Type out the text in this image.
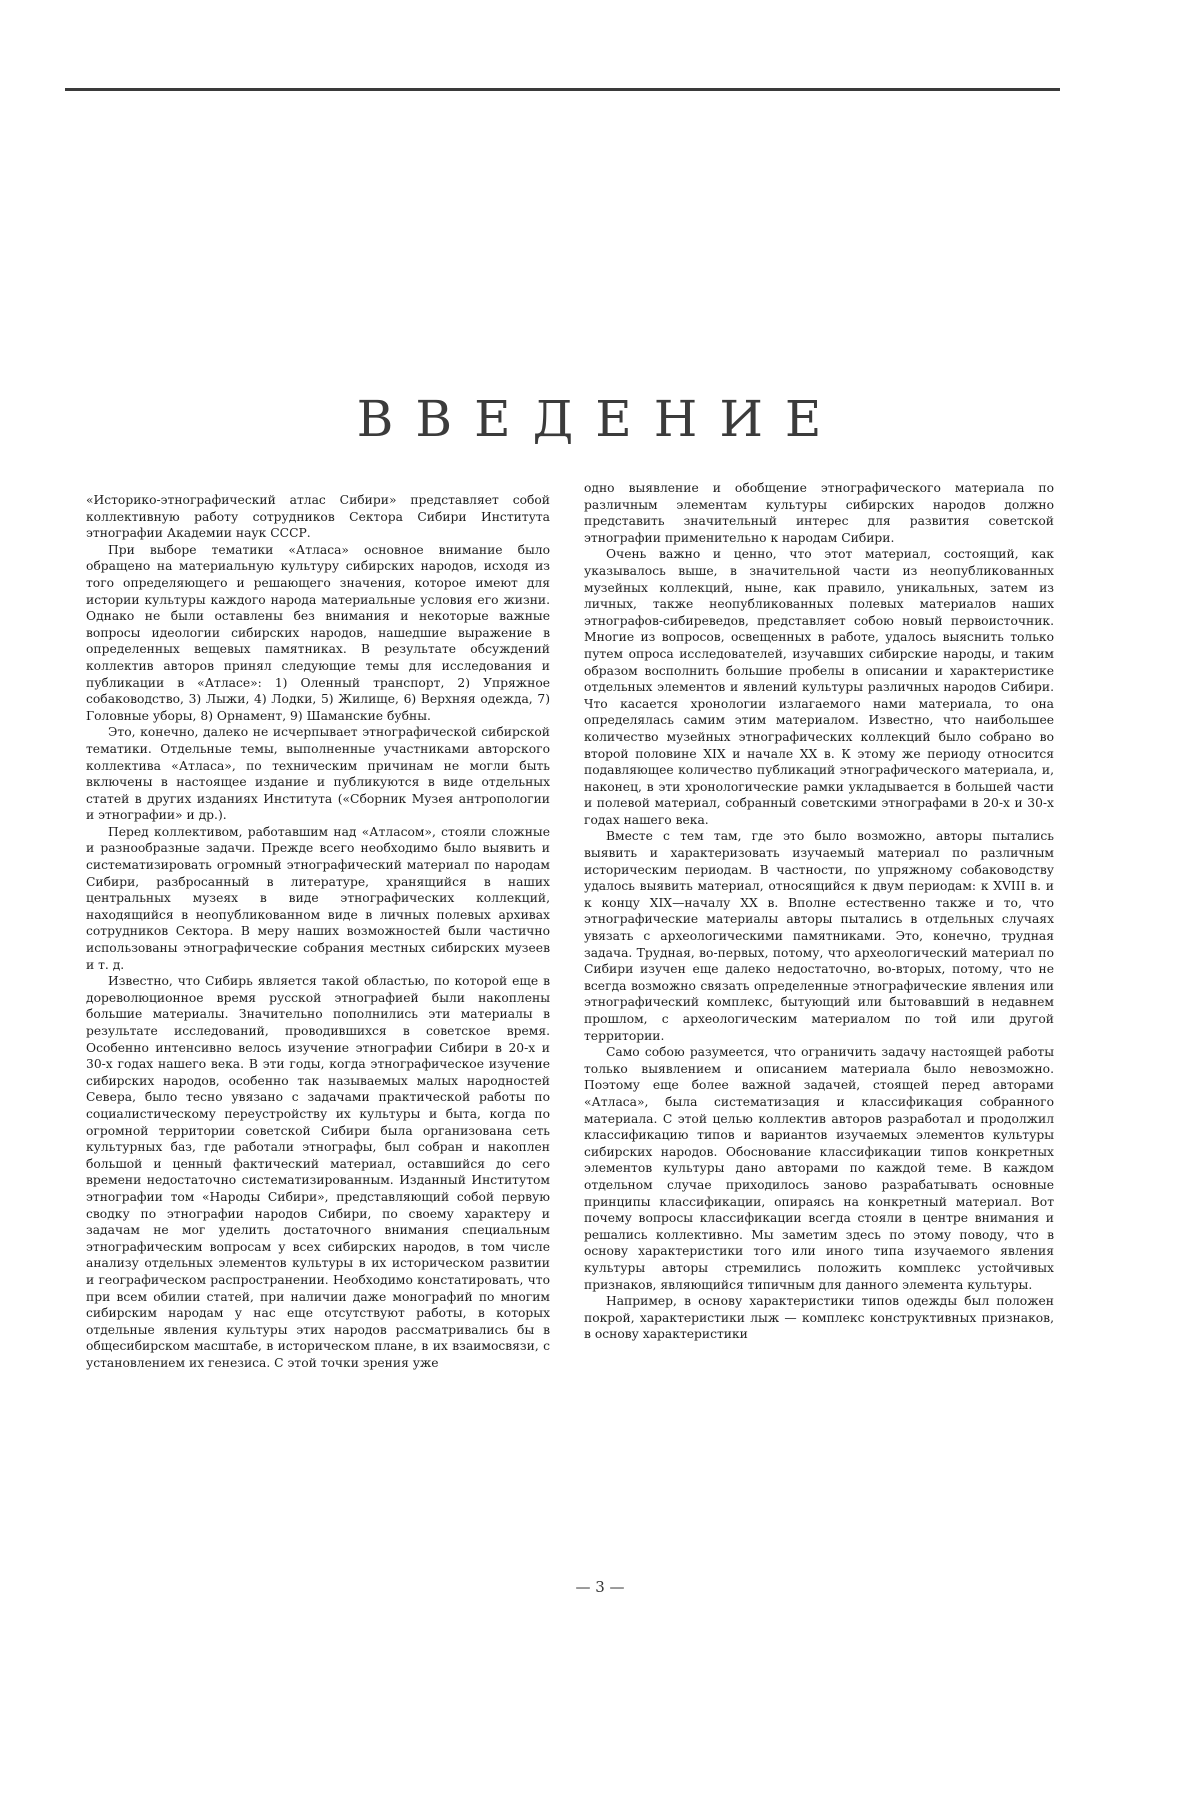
ВВЕДЕНИЕ

«Историко-этнографический атлас Сибири» представляет собой коллективную работу сотрудников Сектора Сибири Института этнографии Академии наук СССР.

При выборе тематики «Атласа» основное внимание было обращено на материальную культуру сибирских народов, исходя из того определяющего и решающего значения, которое имеют для истории культуры каждого народа материальные условия его жизни. Однако не были оставлены без внимания и некоторые важные вопросы идеологии сибирских народов, нашедшие выражение в определенных вещевых памятниках. В результате обсуждений коллектив авторов принял следующие темы для исследования и публикации в «Атласе»: 1) Оленный транспорт, 2) Упряжное собаководство, 3) Лыжи, 4) Лодки, 5) Жилище, 6) Верхняя одежда, 7) Головные уборы, 8) Орнамент, 9) Шаманские бубны.

Это, конечно, далеко не исчерпывает этнографической сибирской тематики. Отдельные темы, выполненные участниками авторского коллектива «Атласа», по техническим причинам не могли быть включены в настоящее издание и публикуются в виде отдельных статей в других изданиях Института («Сборник Музея антропологии и этнографии» и др.).

Перед коллективом, работавшим над «Атласом», стояли сложные и разнообразные задачи. Прежде всего необходимо было выявить и систематизировать огромный этнографический материал по народам Сибири, разбросанный в литературе, хранящийся в наших центральных музеях в виде этнографических коллекций, находящийся в неопубликованном виде в личных полевых архивах сотрудников Сектора. В меру наших возможностей были частично использованы этнографические собрания местных сибирских музеев и т. д.

Известно, что Сибирь является такой областью, по которой еще в дореволюционное время русской этнографией были накоплены большие материалы. Значительно пополнились эти материалы в результате исследований, проводившихся в советское время. Особенно интенсивно велось изучение этнографии Сибири в 20-х и 30-х годах нашего века. В эти годы, когда этнографическое изучение сибирских народов, особенно так называемых малых народностей Севера, было тесно увязано с задачами практической работы по социалистическому переустройству их культуры и быта, когда по огромной территории советской Сибири была организована сеть культурных баз, где работали этнографы, был собран и накоплен большой и ценный фактический материал, оставшийся до сего времени недостаточно систематизированным. Изданный Институтом этнографии том «Народы Сибири», представляющий собой первую сводку по этнографии народов Сибири, по своему характеру и задачам не мог уделить достаточного внимания специальным этнографическим вопросам у всех сибирских народов, в том числе анализу отдельных элементов культуры в их историческом развитии и географическом распространении. Необходимо констатировать, что при всем обилии статей, при наличии даже монографий по многим сибирским народам у нас еще отсутствуют работы, в которых отдельные явления культуры этих народов рассматривались бы в общесибирском масштабе, в историческом плане, в их взаимосвязи, с установлением их генезиса. С этой точки зрения уже

одно выявление и обобщение этнографического материала по различным элементам культуры сибирских народов должно представить значительный интерес для развития советской этнографии применительно к народам Сибири.

Очень важно и ценно, что этот материал, состоящий, как указывалось выше, в значительной части из неопубликованных музейных коллекций, ныне, как правило, уникальных, затем из личных, также неопубликованных полевых материалов наших этнографов-сибиреведов, представляет собою новый первоисточник. Многие из вопросов, освещенных в работе, удалось выяснить только путем опроса исследователей, изучавших сибирские народы, и таким образом восполнить большие пробелы в описании и характеристике отдельных элементов и явлений культуры различных народов Сибири. Что касается хронологии излагаемого нами материала, то она определялась самим этим материалом. Известно, что наибольшее количество музейных этнографических коллекций было собрано во второй половине XIX и начале XX в. К этому же периоду относится подавляющее количество публикаций этнографического материала, и, наконец, в эти хронологические рамки укладывается в большей части и полевой материал, собранный советскими этнографами в 20-х и 30-х годах нашего века.

Вместе с тем там, где это было возможно, авторы пытались выявить и характеризовать изучаемый материал по различным историческим периодам. В частности, по упряжному собаководству удалось выявить материал, относящийся к двум периодам: к XVIII в. и к концу XIX—началу XX в. Вполне естественно также и то, что этнографические материалы авторы пытались в отдельных случаях увязать с археологическими памятниками. Это, конечно, трудная задача. Трудная, во-первых, потому, что археологический материал по Сибири изучен еще далеко недостаточно, во-вторых, потому, что не всегда возможно связать определенные этнографические явления или этнографический комплекс, бытующий или бытовавший в недавнем прошлом, с археологическим материалом по той или другой территории.

Само собою разумеется, что ограничить задачу настоящей работы только выявлением и описанием материала было невозможно. Поэтому еще более важной задачей, стоящей перед авторами «Атласа», была систематизация и классификация собранного материала. С этой целью коллектив авторов разработал и продолжил классификацию типов и вариантов изучаемых элементов культуры сибирских народов. Обоснование классификации типов конкретных элементов культуры дано авторами по каждой теме. В каждом отдельном случае приходилось заново разрабатывать основные принципы классификации, опираясь на конкретный материал. Вот почему вопросы классификации всегда стояли в центре внимания и решались коллективно. Мы заметим здесь по этому поводу, что в основу характеристики того или иного типа изучаемого явления культуры авторы стремились положить комплекс устойчивых признаков, являющийся типичным для данного элемента культуры.

Например, в основу характеристики типов одежды был положен покрой, характеристики лыж — комплекс конструктивных признаков, в основу характеристики

— 3 —
